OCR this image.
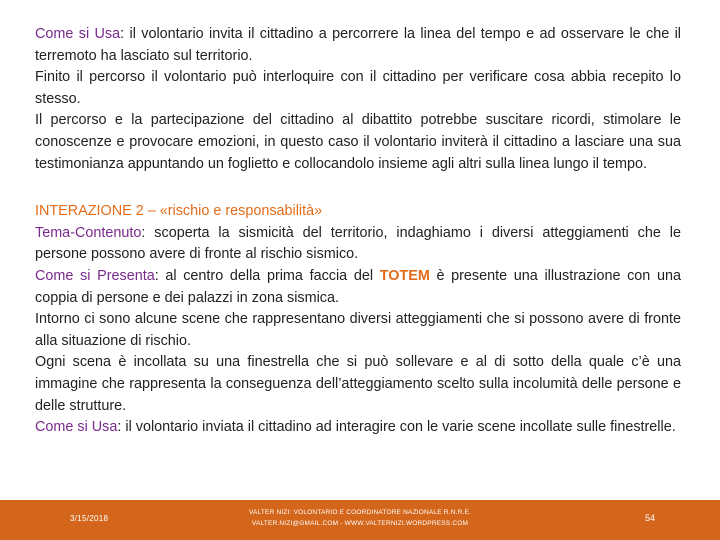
Come si Usa: il volontario invita il cittadino a percorrere la linea del tempo e ad osservare le che il terremoto ha lasciato sul territorio.

Finito il percorso il volontario può interloquire con il cittadino per verificare cosa abbia recepito lo stesso.

Il percorso e la partecipazione del cittadino al dibattito potrebbe suscitare ricordi, stimolare le conoscenze e provocare emozioni, in questo caso il volontario inviterà il cittadino a lasciare una sua testimonianza appuntando un foglietto e collocandolo insieme agli altri sulla linea lungo il tempo.

INTERAZIONE 2 – «rischio e responsabilità»

Tema-Contenuto: scoperta la sismicità del territorio, indaghiamo i diversi atteggiamenti che le persone possono avere di fronte al rischio sismico.

Come si Presenta: al centro della prima faccia del TOTEM è presente una illustrazione con una coppia di persone e dei palazzi in zona sismica.

Intorno ci sono alcune scene che rappresentano diversi atteggiamenti che si possono avere di fronte alla situazione di rischio.

Ogni scena è incollata su una finestrella che si può sollevare e al di sotto della quale c’è una immagine che rappresenta la conseguenza dell’atteggiamento scelto sulla incolumità delle persone e delle strutture.

Come si Usa: il volontario inviata il cittadino ad interagire con le varie scene incollate sulle finestrelle.

3/15/2018
VALTER NIZI: VOLONTARIO E COORDINATORE NAZIONALE R.N.R.E.
VALTER.NIZI@GMAIL.COM - WWW.VALTERNIZI.WORDPRESS.COM
54
